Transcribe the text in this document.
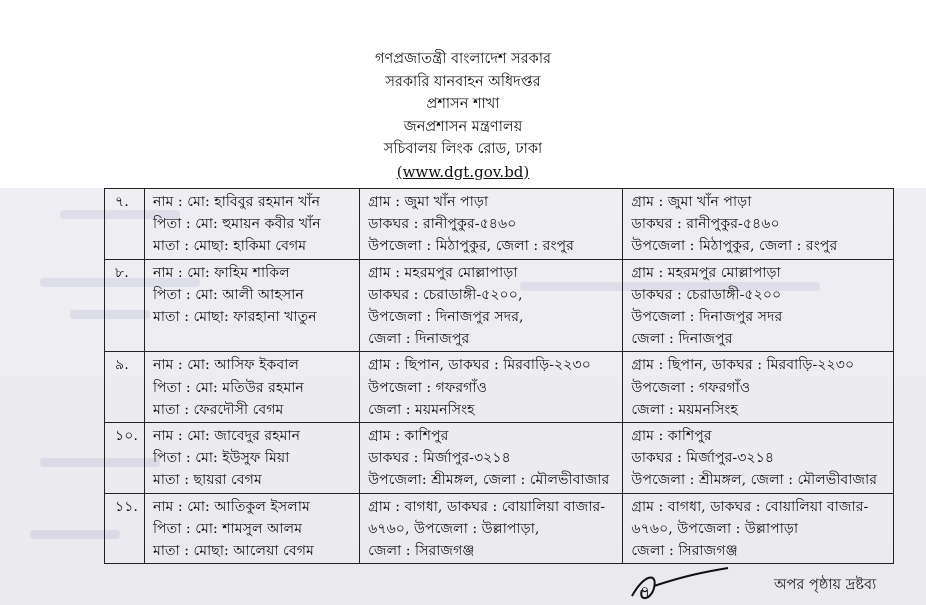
গণপ্রজাতন্ত্রী বাংলাদেশ সরকার
সরকারি যানবাহন অধিদপ্তর
প্রশাসন শাখা
জনপ্রশাসন মন্ত্রণালয়
সচিবালয় লিংক রোড, ঢাকা
(www.dgt.gov.bd)
৭.	নাম : মো: হাবিবুর রহমান খাঁন
পিতা : মো: হুমায়ন কবীর খাঁন
মাতা : মোছা: হাকিমা বেগম	গ্রাম : জুমা খাঁন পাড়া
ডাকঘর : রানীপুকুর-৫৪৬০
উপজেলা : মিঠাপুকুর, জেলা : রংপুর	গ্রাম : জুমা খাঁন পাড়া
ডাকঘর : রানীপুকুর-৫৪৬০
উপজেলা : মিঠাপুকুর, জেলা : রংপুর

৮.	নাম : মো: ফাহিম শাকিল
পিতা : মো: আলী আহসান
মাতা : মোছা: ফারহানা খাতুন	গ্রাম : মহরমপুর মোল্লাপাড়া
ডাকঘর : চেরাডাঙ্গী-৫২০০,
উপজেলা : দিনাজপুর সদর,
জেলা : দিনাজপুর	গ্রাম : মহরমপুর মোল্লাপাড়া
ডাকঘর : চেরাডাঙ্গী-৫২০০
উপজেলা : দিনাজপুর সদর
জেলা : দিনাজপুর

৯.	নাম : মো: আসিফ ইকবাল
পিতা : মো: মতিউর রহমান
মাতা : ফেরদৌসী বেগম	গ্রাম : ছিপান, ডাকঘর : মিরবাড়ি-২২৩০
উপজেলা : গফরগাঁও
জেলা : ময়মনসিংহ	গ্রাম : ছিপান, ডাকঘর : মিরবাড়ি-২২৩০
উপজেলা : গফরগাঁও
জেলা : ময়মনসিংহ

১০.	নাম : মো: জাবেদুর রহমান
পিতা : মো: ইউসুফ মিয়া
মাতা : ছায়রা বেগম	গ্রাম : কাশিপুর
ডাকঘর : মির্জাপুর-৩২১৪
উপজেলা: শ্রীমঙ্গল, জেলা : মৌলভীবাজার	গ্রাম : কাশিপুর
ডাকঘর : মির্জাপুর-৩২১৪
উপজেলা : শ্রীমঙ্গল, জেলা : মৌলভীবাজার

১১.	নাম : মো: আতিকুল ইসলাম
পিতা : মো: শামসুল আলম
মাতা : মোছা: আলেয়া বেগম	গ্রাম : বাগধা, ডাকঘর : বোয়ালিয়া বাজার-
৬৭৬০, উপজেলা : উল্লাপাড়া,
জেলা : সিরাজগঞ্জ	গ্রাম : বাগধা, ডাকঘর : বোয়ালিয়া বাজার-
৬৭৬০, উপজেলা : উল্লাপাড়া
জেলা : সিরাজগঞ্জ
৭	অপর পৃষ্ঠায় দ্রষ্টব্য
